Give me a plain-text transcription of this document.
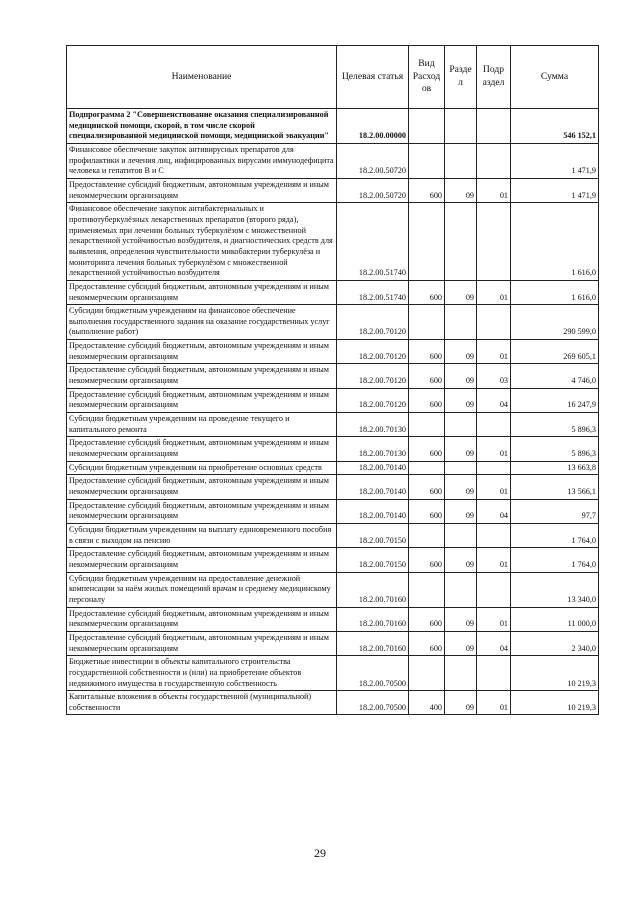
Наименование	Целевая статья	Вид Расход ов	Разде л	Подр аздел	Сумма
Подпрограмма 2 "Совершенствование оказания специализированной медицинской помощи, скорой, в том числе скорой специализированной медицинской помощи, медицинской эвакуации"	18.2.00.00000				546 152,1
Финансовое обеспечение закупок антивирусных препаратов для профилактики и лечения лиц, инфицированных вирусами иммунодефицита человека и гепатитов B и C	18.2.00.50720				1 471,9
Предоставление субсидий бюджетным, автономным учреждениям и иным некоммерческим организациям	18.2.00.50720	600	09	01	1 471,9
Финансовое обеспечение закупок антибактериальных и противотуберкулёзных лекарственных препаратов (второго ряда), применяемых при лечении больных туберкулёзом с множественной лекарственной устойчивостью возбудителя, и диагностических средств для выявления, определения чувствительности микобактерии туберкулёза и мониторинга лечения больных туберкулёзом с множественной лекарственной устойчивостью возбудителя	18.2.00.51740				1 616,0
Предоставление субсидий бюджетным, автономным учреждениям и иным некоммерческим организациям	18.2.00.51740	600	09	01	1 616,0
Субсидии бюджетным учреждениям на финансовое обеспечение выполнения государственного задания на оказание государственных услуг (выполнение работ)	18.2.00.70120				290 599,0
Предоставление субсидий бюджетным, автономным учреждениям и иным некоммерческим организациям	18.2.00.70120	600	09	01	269 605,1
Предоставление субсидий бюджетным, автономным учреждениям и иным некоммерческим организациям	18.2.00.70120	600	09	03	4 746,0
Предоставление субсидий бюджетным, автономным учреждениям и иным некоммерческим организациям	18.2.00.70120	600	09	04	16 247,9
Субсидии бюджетным учреждениям на проведение текущего и капитального ремонта	18.2.00.70130				5 896,3
Предоставление субсидий бюджетным, автономным учреждениям и иным некоммерческим организациям	18.2.00.70130	600	09	01	5 896,3
Субсидии бюджетным учреждениям на приобретение основных средств	18.2.00.70140				13 663,8
Предоставление субсидий бюджетным, автономным учреждениям и иным некоммерческим организациям	18.2.00.70140	600	09	01	13 566,1
Предоставление субсидий бюджетным, автономным учреждениям и иным некоммерческим организациям	18.2.00.70140	600	09	04	97,7
Субсидии бюджетным учреждениям на выплату единовременного пособия в связи с выходом на пенсию	18.2.00.70150				1 764,0
Предоставление субсидий бюджетным, автономным учреждениям и иным некоммерческим организациям	18.2.00.70150	600	09	01	1 764,0
Субсидии бюджетным учреждениям на предоставление денежной компенсации за наём жилых помещений врачам и среднему медицинскому персоналу	18.2.00.70160				13 340,0
Предоставление субсидий бюджетным, автономным учреждениям и иным некоммерческим организациям	18.2.00.70160	600	09	01	11 000,0
Предоставление субсидий бюджетным, автономным учреждениям и иным некоммерческим организациям	18.2.00.70160	600	09	04	2 340,0
Бюджетные инвестиции в объекты капитального строительства государственной собственности и (или) на приобретение объектов недвижимого имущества в государственную собственность	18.2.00.70500				10 219,3
Капитальные вложения в объекты государственной (муниципальной) собственности	18.2.00.70500	400	09	01	10 219,3
29
